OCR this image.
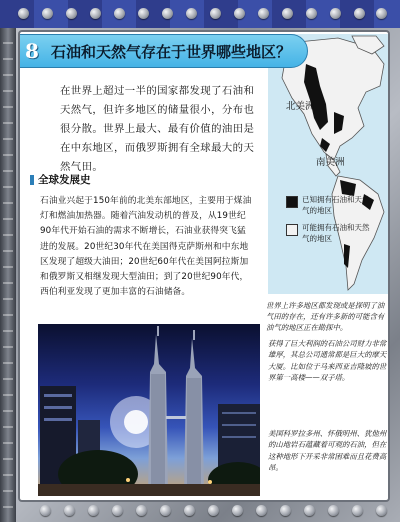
北美洲
南美洲
已知拥有石油和天然气的地区
可能拥有石油和天然气的地区
世界上许多地区都发现或是探明了油气田的存在，还有许多新的可能含有油气的地区正在勘探中。
8 石油和天然气存在于世界哪些地区？
在世界上超过一半的国家都发现了石油和天然气，但许多地区的储量很小，分布也很分散。世界上最大、最有价值的油田是在中东地区，而俄罗斯拥有全球最大的天然气田。
全球发展史
石油业兴起于150年前的北美东部地区，主要用于煤油灯和燃油加热器。随着汽油发动机的普及，从19世纪90年代开始石油的需求不断增长，石油业获得突飞猛进的发展。20世纪30年代在美国得克萨斯州和中东地区发现了超级大油田；20世纪60年代在美国阿拉斯加和俄罗斯又相继发现大型油田；到了20世纪90年代，西伯利亚发现了更加丰富的石油储备。
获得了巨大利润的石油公司财力非常雄厚，其总公司通常都是巨大的摩天大厦。比如位于马来西亚吉隆坡的世界第一高楼——双子塔。
美国科罗拉多州、怀俄明州、犹他州的山地岩石蕴藏着可观的石油，但在这种地形下开采非常困难而且花费高昂。
